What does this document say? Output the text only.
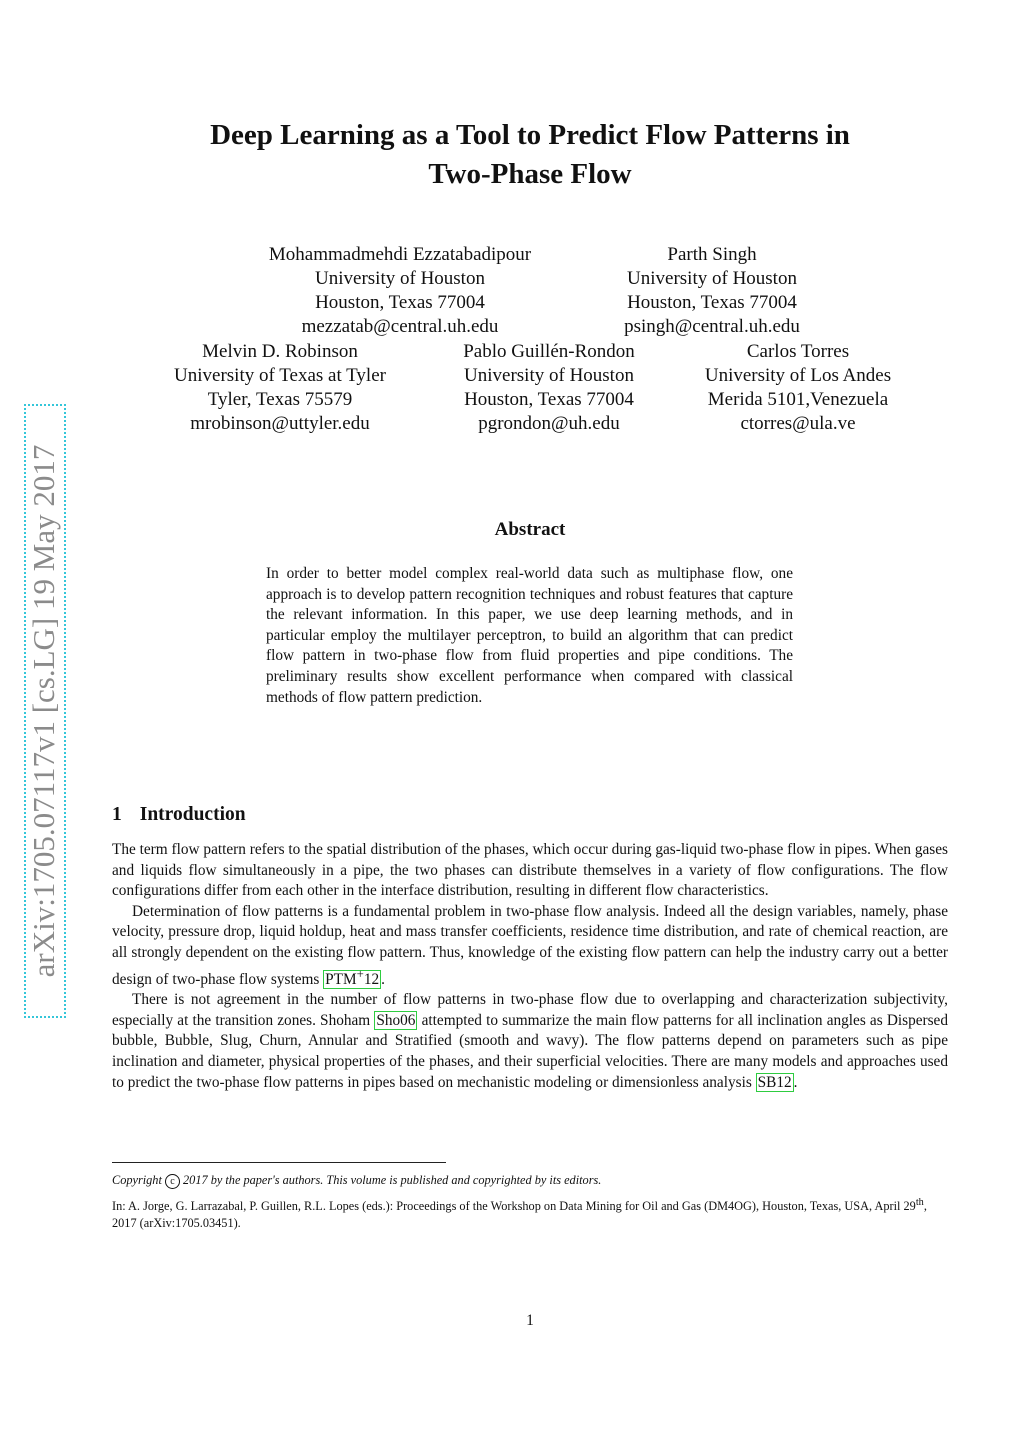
arXiv:1705.07117v1 [cs.LG] 19 May 2017
Deep Learning as a Tool to Predict Flow Patterns in
Two-Phase Flow
Mohammadmehdi Ezzatabadipour
University of Houston
Houston, Texas 77004
mezzatab@central.uh.edu
Parth Singh
University of Houston
Houston, Texas 77004
psingh@central.uh.edu
Melvin D. Robinson
University of Texas at Tyler
Tyler, Texas 75579
mrobinson@uttyler.edu
Pablo Guillén-Rondon
University of Houston
Houston, Texas 77004
pgrondon@uh.edu
Carlos Torres
University of Los Andes
Merida 5101,Venezuela
ctorres@ula.ve
Abstract
In order to better model complex real-world data such as multiphase flow, one approach is to develop pattern recognition techniques and robust features that capture the relevant information. In this paper, we use deep learning methods, and in particular employ the multilayer perceptron, to build an algorithm that can predict flow pattern in two-phase flow from fluid properties and pipe conditions. The preliminary results show excellent performance when compared with classical methods of flow pattern prediction.
1 Introduction

The term flow pattern refers to the spatial distribution of the phases, which occur during gas-liquid two-phase flow in pipes. When gases and liquids flow simultaneously in a pipe, the two phases can distribute themselves in a variety of flow configurations. The flow configurations differ from each other in the interface distribution, resulting in different flow characteristics.

Determination of flow patterns is a fundamental problem in two-phase flow analysis. Indeed all the design variables, namely, phase velocity, pressure drop, liquid holdup, heat and mass transfer coefficients, residence time distribution, and rate of chemical reaction, are all strongly dependent on the existing flow pattern. Thus, knowledge of the existing flow pattern can help the industry carry out a better design of two-phase flow systems PTM+12 .

There is not agreement in the number of flow patterns in two-phase flow due to overlapping and characterization subjectivity, especially at the transition zones. Shoham Sho06 attempted to summarize the main flow patterns for all inclination angles as Dispersed bubble, Bubble, Slug, Churn, Annular and Stratified (smooth and wavy). The flow patterns depend on parameters such as pipe inclination and diameter, physical properties of the phases, and their superficial velocities. There are many models and approaches used to predict the two-phase flow patterns in pipes based on mechanistic modeling or dimensionless analysis SB12 .

Copyright c 2017 by the paper's authors. This volume is published and copyrighted by its editors.
In: A. Jorge, G. Larrazabal, P. Guillen, R.L. Lopes (eds.): Proceedings of the Workshop on Data Mining for Oil and Gas (DM4OG), Houston, Texas, USA, April 29th, 2017 (arXiv:1705.03451).
1
